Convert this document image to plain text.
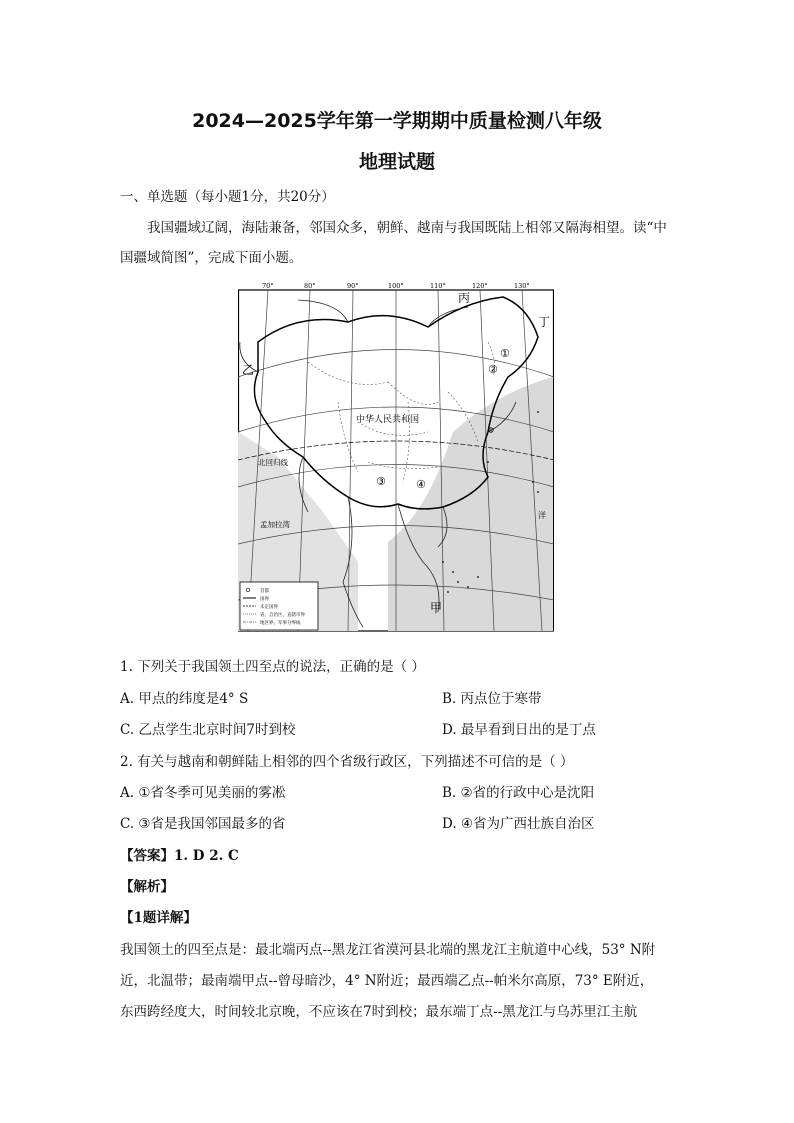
2024—2025学年第一学期期中质量检测八年级
地理试题
一、单选题（每小题1分，共20分）
我国疆域辽阔，海陆兼备，邻国众多，朝鲜、越南与我国既陆上相邻又隔海相望。读“中
国疆域简图”，完成下面小题。
70°	80°	90°	100°	110°	120°	130°
丙
丁
乙
甲
中华人民共和国
①
②
③	④
北回归线
孟加拉湾
洋
首都
国界
未定国界
省、自治区、直辖市界
地区界、军事分界线
1. 下列关于我国领土四至点的说法，正确的是（ ）
A. 甲点的纬度是4° S	B. 丙点位于寒带
C. 乙点学生北京时间7时到校	D. 最早看到日出的是丁点
2. 有关与越南和朝鲜陆上相邻的四个省级行政区，下列描述不可信的是（ ）
A. ①省冬季可见美丽的雾凇	B. ②省的行政中心是沈阳
C. ③省是我国邻国最多的省	D. ④省为广西壮族自治区
【答案】1. D 2. C
【解析】
【1题详解】
我国领土的四至点是：最北端丙点--黑龙江省漠河县北端的黑龙江主航道中心线，53° N附
近，北温带；最南端甲点--曾母暗沙，4° N附近；最西端乙点--帕米尔高原，73° E附近，
东西跨经度大，时间较北京晚，不应该在7时到校；最东端丁点--黑龙江与乌苏里江主航
